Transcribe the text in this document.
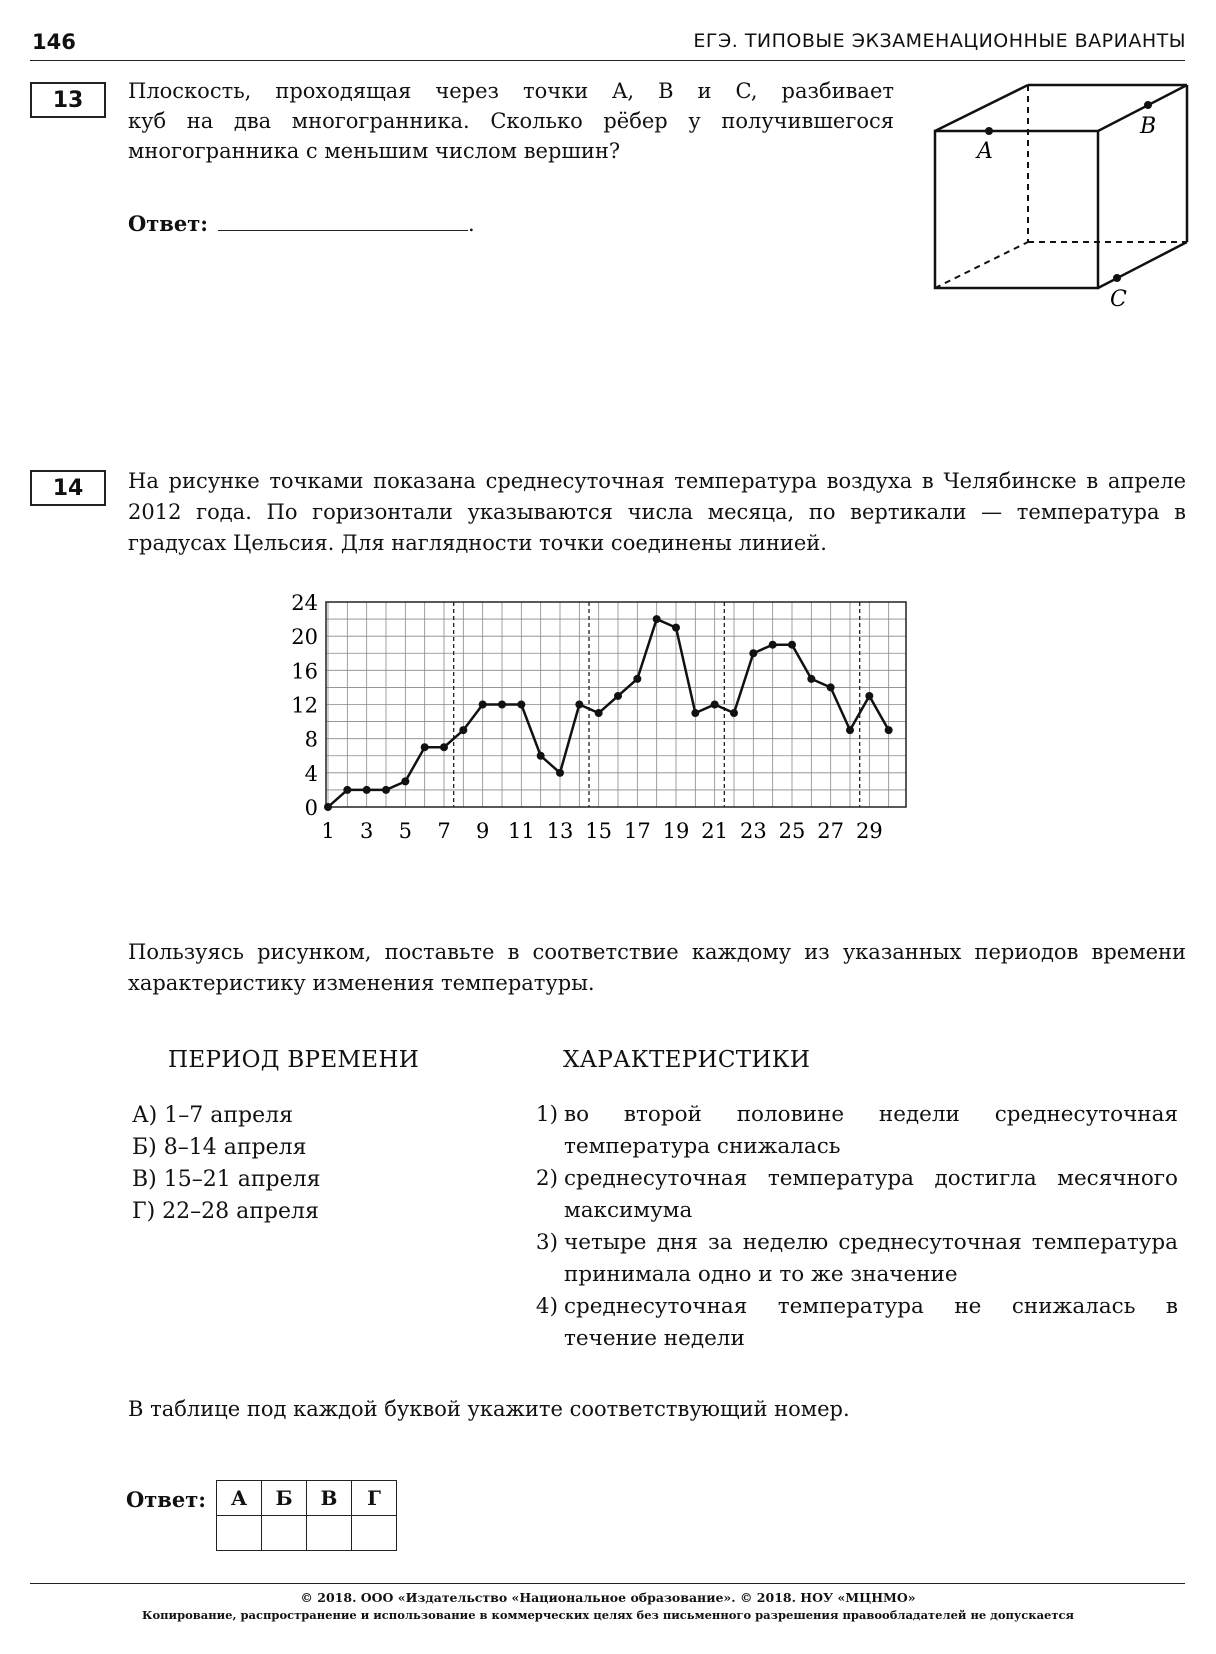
146	ЕГЭ. ТИПОВЫЕ ЭКЗАМЕНАЦИОННЫЕ ВАРИАНТЫ
13 Плоскость, проходящая через точки A, B и C, разбивает
куб на два многогранника. Сколько рёбер у получившегося
многогранника с меньшим числом вершин?
Ответ:	.
A
B
C
14 На рисунке точками показана среднесуточная температура воздуха в Челябинске в апреле 2012 года. По горизонтали указываются числа месяца, по вертикали — температура в градусах Цельсия. Для наглядности точки соединены линией.
0
4
8
12
16
20
24
1 3 5 7 9 11 13 15 17 19 21 23 25 27 29
Пользуясь рисунком, поставьте в соответствие каждому из указанных периодов времени характеристику изменения температуры.
ПЕРИОД ВРЕМЕНИ	ХАРАКТЕРИСТИКИ
А) 1–7 апреля
Б) 8–14 апреля
В) 15–21 апреля
Г) 22–28 апреля
1) во второй половине недели среднесуточная температура снижалась
2) среднесуточная температура достигла месячного максимума
3) четыре дня за неделю среднесуточная температура принимала одно и то же значение
4) среднесуточная температура не снижалась в течение недели
В таблице под каждой буквой укажите соответствующий номер.
Ответ: А	Б	В	Г

© 2018. ООО «Издательство «Национальное образование». © 2018. НОУ «МЦНМО»
Копирование, распространение и использование в коммерческих целях без письменного разрешения правообладателей не допускается
